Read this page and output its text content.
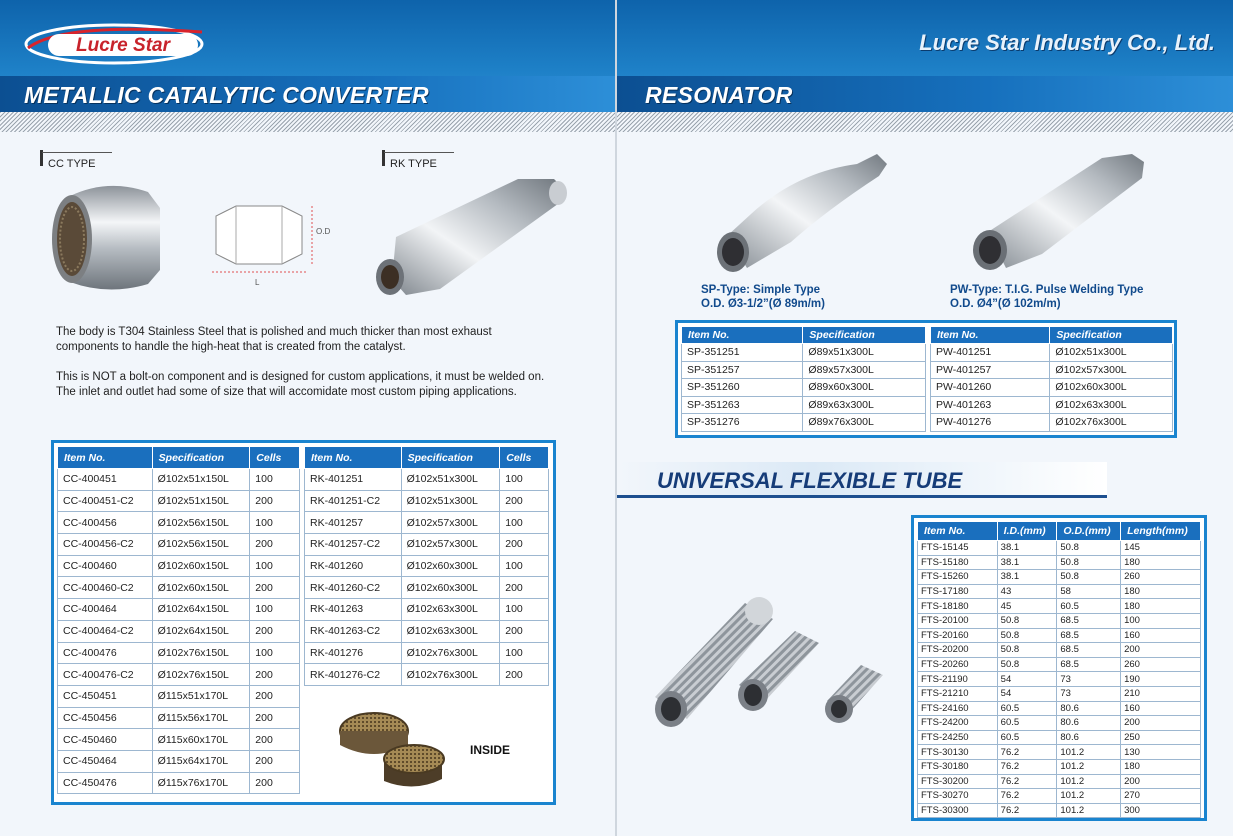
Lucre Star
METALLIC CATALYTIC CONVERTER
CC TYPE	RK TYPE
O.D
L
The body is T304 Stainless Steel that is polished and much thicker than most exhaust components to handle the high-heat that is created from the catalyst.
This is NOT a bolt-on component and is designed for custom applications, it must be welded on. The inlet and outlet had some of size that will accomidate most custom piping applications.
Item No.	Specification	Cells
CC-400451	Ø102x51x150L	100
CC-400451-C2	Ø102x51x150L	200
CC-400456	Ø102x56x150L	100
CC-400456-C2	Ø102x56x150L	200
CC-400460	Ø102x60x150L	100
CC-400460-C2	Ø102x60x150L	200
CC-400464	Ø102x64x150L	100
CC-400464-C2	Ø102x64x150L	200
CC-400476	Ø102x76x150L	100
CC-400476-C2	Ø102x76x150L	200
CC-450451	Ø115x51x170L	200
CC-450456	Ø115x56x170L	200
CC-450460	Ø115x60x170L	200
CC-450464	Ø115x64x170L	200
CC-450476	Ø115x76x170L	200
Item No.	Specification	Cells
RK-401251	Ø102x51x300L	100
RK-401251-C2	Ø102x51x300L	200
RK-401257	Ø102x57x300L	100
RK-401257-C2	Ø102x57x300L	200
RK-401260	Ø102x60x300L	100
RK-401260-C2	Ø102x60x300L	200
RK-401263	Ø102x63x300L	100
RK-401263-C2	Ø102x63x300L	200
RK-401276	Ø102x76x300L	100
RK-401276-C2	Ø102x76x300L	200
INSIDE
Lucre Star Industry Co., Ltd.
RESONATOR
SP-Type: Simple Type
O.D. Ø3-1/2”(Ø 89m/m)
PW-Type: T.I.G. Pulse Welding Type
O.D. Ø4”(Ø 102m/m)
Item No.	Specification
SP-351251	Ø89x51x300L
SP-351257	Ø89x57x300L
SP-351260	Ø89x60x300L
SP-351263	Ø89x63x300L
SP-351276	Ø89x76x300L
Item No.	Specification
PW-401251	Ø102x51x300L
PW-401257	Ø102x57x300L
PW-401260	Ø102x60x300L
PW-401263	Ø102x63x300L
PW-401276	Ø102x76x300L
UNIVERSAL FLEXIBLE TUBE
Item No.	I.D.(mm)	O.D.(mm)	Length(mm)
FTS-15145	38.1	50.8	145
FTS-15180	38.1	50.8	180
FTS-15260	38.1	50.8	260
FTS-17180	43	58	180
FTS-18180	45	60.5	180
FTS-20100	50.8	68.5	100
FTS-20160	50.8	68.5	160
FTS-20200	50.8	68.5	200
FTS-20260	50.8	68.5	260
FTS-21190	54	73	190
FTS-21210	54	73	210
FTS-24160	60.5	80.6	160
FTS-24200	60.5	80.6	200
FTS-24250	60.5	80.6	250
FTS-30130	76.2	101.2	130
FTS-30180	76.2	101.2	180
FTS-30200	76.2	101.2	200
FTS-30270	76.2	101.2	270
FTS-30300	76.2	101.2	300
